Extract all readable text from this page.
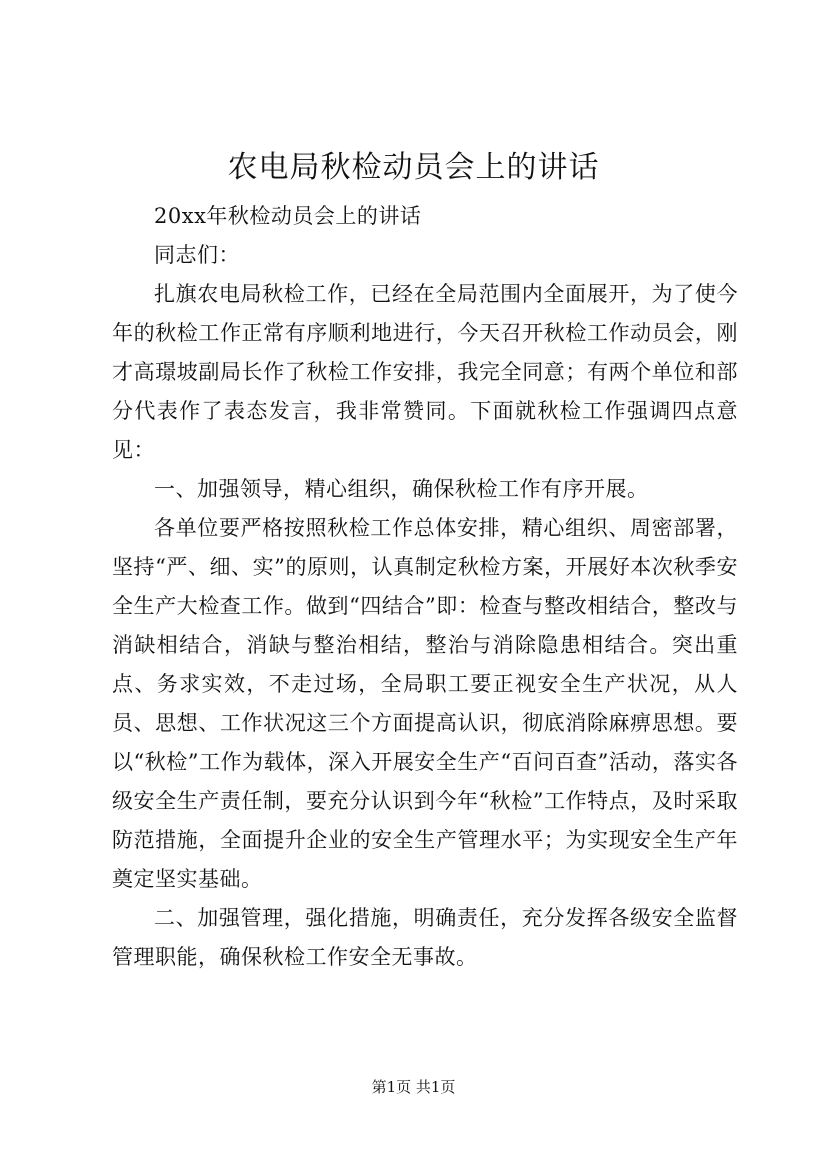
农电局秋检动员会上的讲话

20xx年秋检动员会上的讲话

同志们：

扎旗农电局秋检工作，已经在全局范围内全面展开，为了使今年的秋检工作正常有序顺利地进行，今天召开秋检工作动员会，刚才高璟坡副局长作了秋检工作安排，我完全同意；有两个单位和部分代表作了表态发言，我非常赞同。下面就秋检工作强调四点意见：

一、加强领导，精心组织，确保秋检工作有序开展。

各单位要严格按照秋检工作总体安排，精心组织、周密部署，坚持“严、细、实”的原则，认真制定秋检方案，开展好本次秋季安全生产大检查工作。做到“四结合”即：检查与整改相结合，整改与消缺相结合，消缺与整治相结，整治与消除隐患相结合。突出重点、务求实效，不走过场，全局职工要正视安全生产状况，从人员、思想、工作状况这三个方面提高认识，彻底消除麻痹思想。要以“秋检”工作为载体，深入开展安全生产“百问百查”活动，落实各级安全生产责任制，要充分认识到今年“秋检”工作特点，及时采取防范措施，全面提升企业的安全生产管理水平；为实现安全生产年奠定坚实基础。

二、加强管理，强化措施，明确责任，充分发挥各级安全监督管理职能，确保秋检工作安全无事故。

第1页 共1页
